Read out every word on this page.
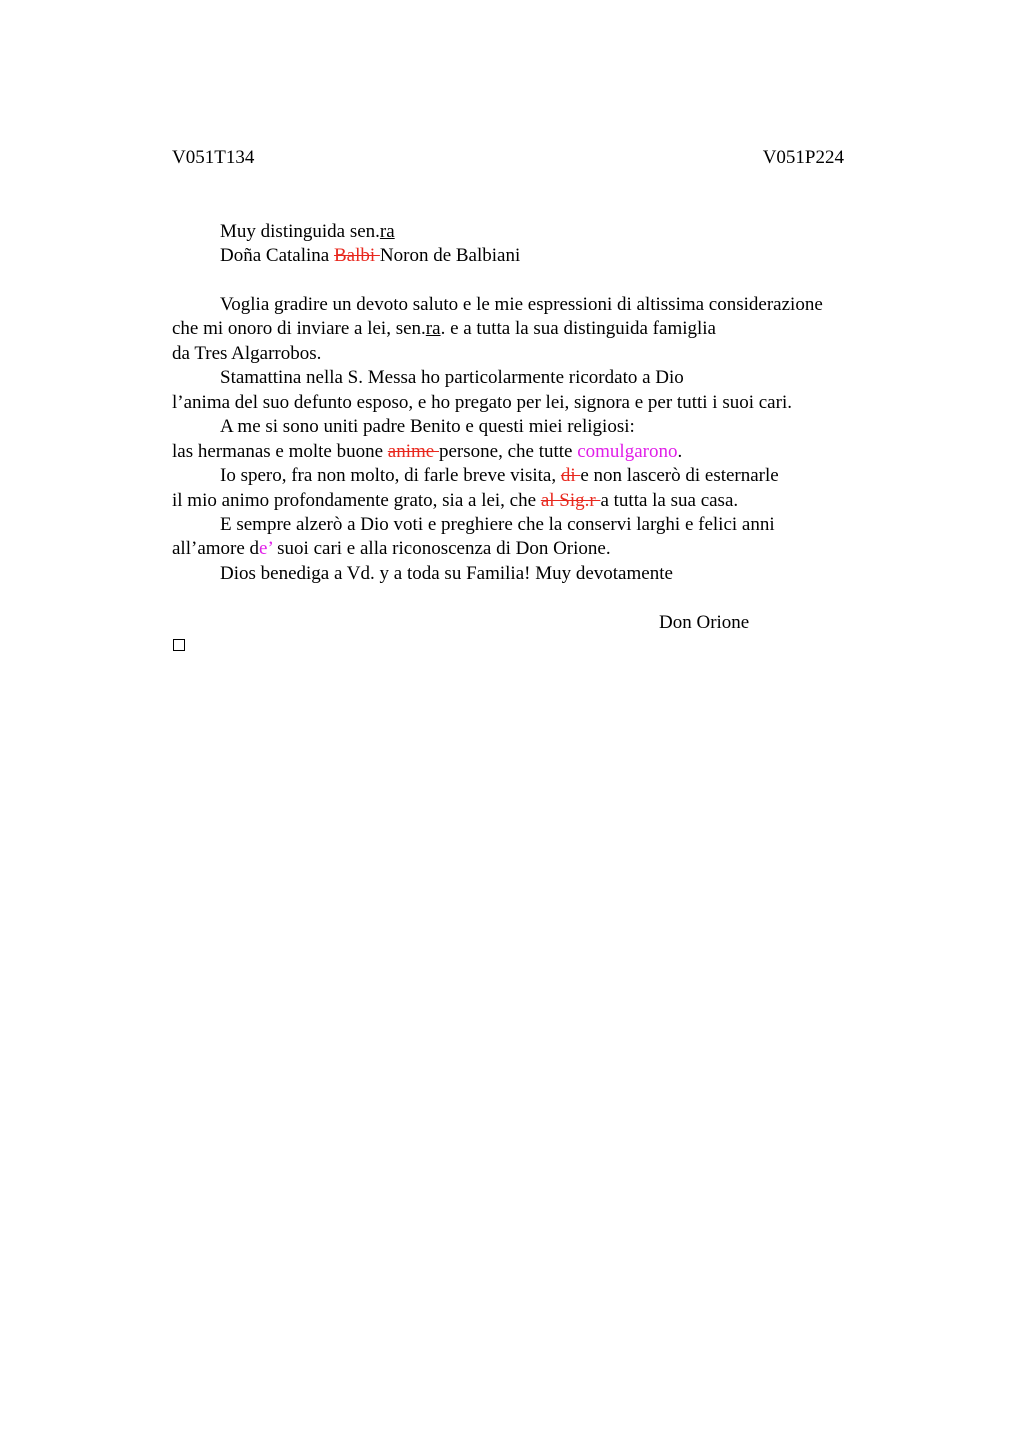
V051T134	V051P224
Muy distinguida sen.ra
Doña Catalina Balbi Noron de Balbiani
Voglia gradire un devoto saluto e le mie espressioni di altissima considerazione
che mi onoro di inviare a lei, sen.ra. e a tutta la sua distinguida famiglia
da Tres Algarrobos.
Stamattina nella S. Messa ho particolarmente ricordato a Dio
l’anima del suo defunto esposo, e ho pregato per lei, signora e per tutti i suoi cari.
A me si sono uniti padre Benito e questi miei religiosi:
las hermanas e molte buone anime persone, che tutte comulgarono.
Io spero, fra non molto, di farle breve visita, di e non lascerò di esternarle
il mio animo profondamente grato, sia a lei, che al Sig.r a tutta la sua casa.
E sempre alzerò a Dio voti e preghiere che la conservi larghi e felici anni
all’amore de’ suoi cari e alla riconoscenza di Don Orione.
Dios benediga a Vd. y a toda su Familia! Muy devotamente
Don Orione
